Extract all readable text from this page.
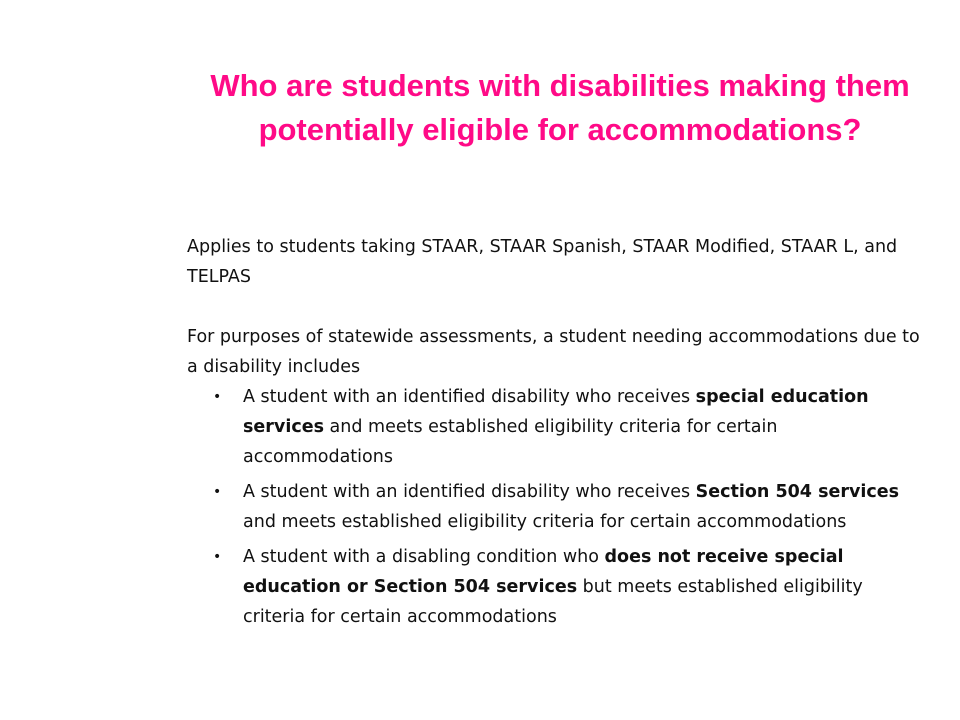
Who are students with disabilities making them potentially eligible for accommodations?

Applies to students taking STAAR, STAAR Spanish, STAAR Modified, STAAR L, and TELPAS

For purposes of statewide assessments, a student needing accommodations due to a disability includes

• A student with an identified disability who receives special education services and meets established eligibility criteria for certain accommodations
• A student with an identified disability who receives Section 504 services and meets established eligibility criteria for certain accommodations
• A student with a disabling condition who does not receive special education or Section 504 services but meets established eligibility criteria for certain accommodations
